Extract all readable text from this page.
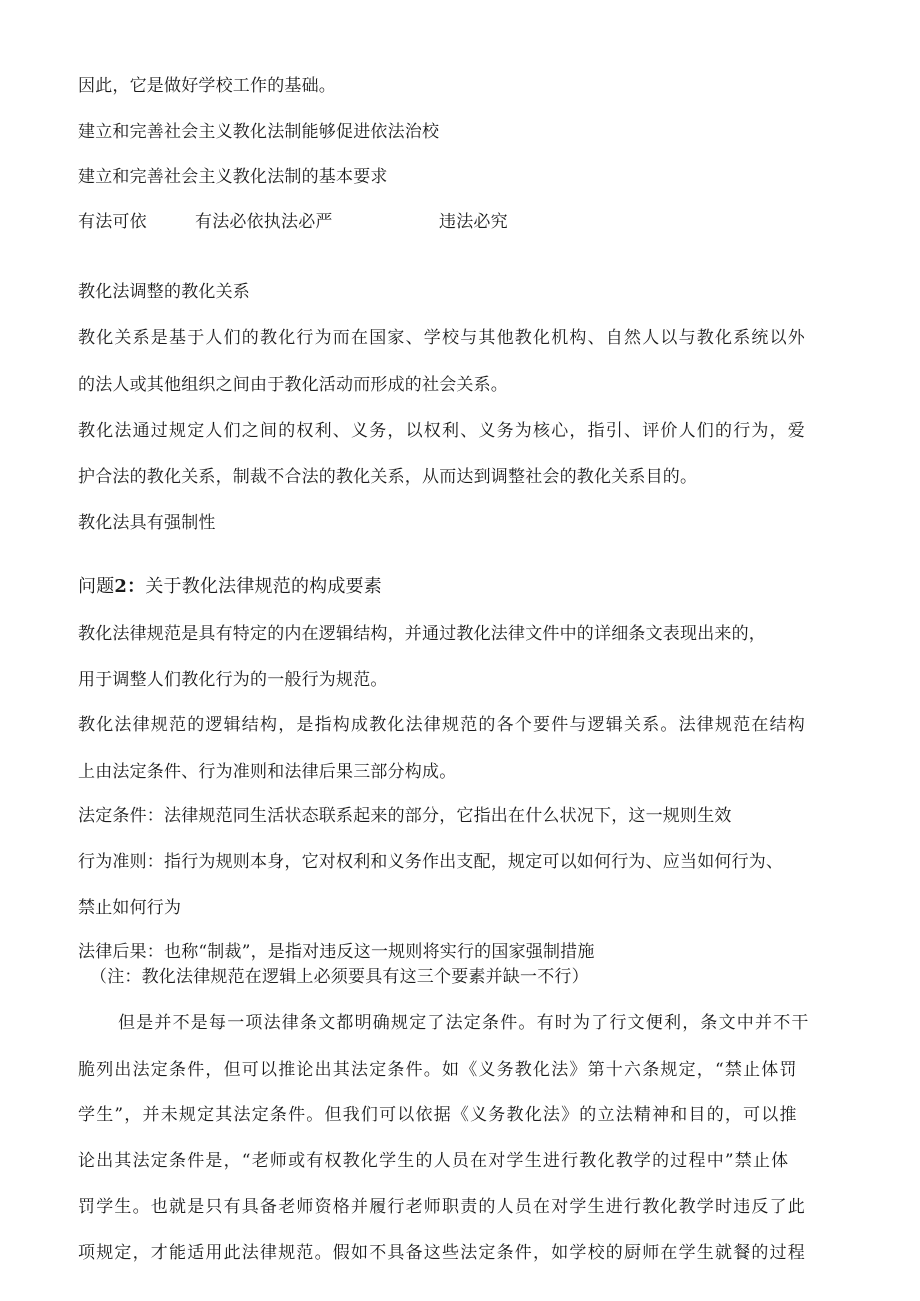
因此，它是做好学校工作的基础。
建立和完善社会主义教化法制能够促进依法治校
建立和完善社会主义教化法制的基本要求
有法可依	有法必依执法必严	违法必究
教化法调整的教化关系
教化关系是基于人们的教化行为而在国家、学校与其他教化机构、自然人以与教化系统以外
的法人或其他组织之间由于教化活动而形成的社会关系。
教化法通过规定人们之间的权利、义务，以权利、义务为核心，指引、评价人们的行为，爱
护合法的教化关系，制裁不合法的教化关系，从而达到调整社会的教化关系目的。
教化法具有强制性
问题2：关于教化法律规范的构成要素
教化法律规范是具有特定的内在逻辑结构，并通过教化法律文件中的详细条文表现出来的，
用于调整人们教化行为的一般行为规范。
教化法律规范的逻辑结构，是指构成教化法律规范的各个要件与逻辑关系。法律规范在结构
上由法定条件、行为准则和法律后果三部分构成。
法定条件：法律规范同生活状态联系起来的部分，它指出在什么状况下，这一规则生效
行为准则：指行为规则本身，它对权利和义务作出支配，规定可以如何行为、应当如何行为、
禁止如何行为
法律后果：也称“制裁”，是指对违反这一规则将实行的国家强制措施
（注：教化法律规范在逻辑上必须要具有这三个要素并缺一不行）
但是并不是每一项法律条文都明确规定了法定条件。有时为了行文便利，条文中并不干
脆列出法定条件，但可以推论出其法定条件。如《义务教化法》第十六条规定，“禁止体罚
学生”，并未规定其法定条件。但我们可以依据《义务教化法》的立法精神和目的，可以推
论出其法定条件是，“老师或有权教化学生的人员在对学生进行教化教学的过程中”禁止体
罚学生。也就是只有具备老师资格并履行老师职责的人员在对学生进行教化教学时违反了此
项规定，才能适用此法律规范。假如不具备这些法定条件，如学校的厨师在学生就餐的过程
